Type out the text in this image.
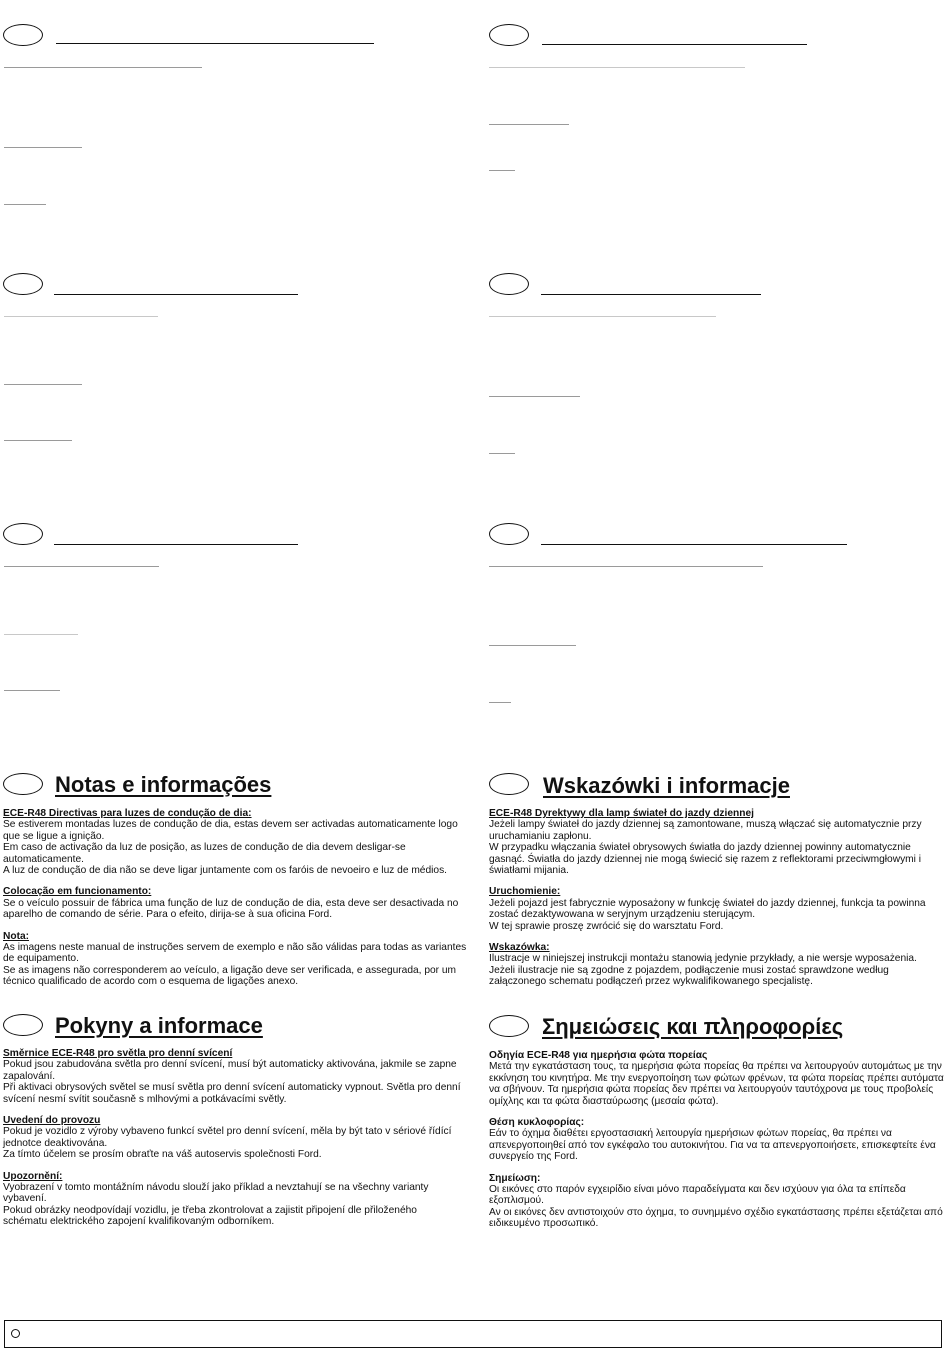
Notas e informações

ECE-R48 Directivas para luzes de condução de dia:

Se estiverem montadas luzes de condução de dia, estas devem ser activadas automaticamente logo que se ligue a ignição.

Em caso de activação da luz de posição, as luzes de condução de dia devem desligar-se automaticamente.

A luz de condução de dia não se deve ligar juntamente com os faróis de nevoeiro e luz de médios.

Colocação em funcionamento:

Se o veículo possuir de fábrica uma função de luz de condução de dia, esta deve ser desactivada no aparelho de comando de série. Para o efeito, dirija-se à sua oficina Ford.

Nota:

As imagens neste manual de instruções servem de exemplo e não são válidas para todas as variantes de equipamento.

Se as imagens não corresponderem ao veículo, a ligação deve ser verificada, e assegurada, por um técnico qualificado de acordo com o esquema de ligações anexo.

Wskazówki i informacje

ECE-R48 Dyrektywy dla lamp świateł do jazdy dziennej

Jeżeli lampy świateł do jazdy dziennej są zamontowane, muszą włączać się automatycznie przy uruchamianiu zapłonu.

W przypadku włączania świateł obrysowych światła do jazdy dziennej powinny automatycznie gasnąć. Światła do jazdy dziennej nie mogą świecić się razem z reflektorami przeciwmgłowymi i światłami mijania.

Uruchomienie:

Jeżeli pojazd jest fabrycznie wyposażony w funkcję świateł do jazdy dziennej, funkcja ta powinna zostać dezaktywowana w seryjnym urządzeniu sterującym.

W tej sprawie proszę zwrócić się do warsztatu Ford.

Wskazówka:

Ilustracje w niniejszej instrukcji montażu stanowią jedynie przykłady, a nie wersje wyposażenia.

Jeżeli ilustracje nie są zgodne z pojazdem, podłączenie musi zostać sprawdzone według załączonego schematu podłączeń przez wykwalifikowanego specjalistę.

Pokyny a informace

Směrnice ECE-R48 pro světla pro denní svícení

Pokud jsou zabudována světla pro denní svícení, musí být automaticky aktivována, jakmile se zapne zapalování.

Při aktivaci obrysových světel se musí světla pro denní svícení automaticky vypnout. Světla pro denní svícení nesmí svítit současně s mlhovými a potkávacími světly.

Uvedení do provozu

Pokud je vozidlo z výroby vybaveno funkcí světel pro denní svícení, měla by být tato v sériové řídící jednotce deaktivována.

Za tímto účelem se prosím obraťte na váš autoservis společnosti Ford.

Upozornění:

Vyobrazení v tomto montážním návodu slouží jako příklad a nevztahují se na všechny varianty vybavení.

Pokud obrázky neodpovídají vozidlu, je třeba zkontrolovat a zajistit připojení dle přiloženého schématu elektrického zapojení kvalifikovaným odborníkem.

Σημειώσεις και πληροφορίες

Οδηγία ECE-R48 για ημερήσια φώτα πορείας

Μετά την εγκατάσταση τους, τα ημερήσια φώτα πορείας θα πρέπει να λειτουργούν αυτομάτως με την εκκίνηση του κινητήρα. Με την ενεργοποίηση των φώτων φρένων, τα φώτα πορείας πρέπει αυτόματα να σβήνουν. Τα ημερήσια φώτα πορείας δεν πρέπει να λειτουργούν ταυτόχρονα με τους προβολείς ομίχλης και τα φώτα διασταύρωσης (μεσαία φώτα).

Θέση κυκλοφορίας:

Εάν το όχημα διαθέτει εργοστασιακή λειτουργία ημερήσιων φώτων πορείας, θα πρέπει να απενεργοποιηθεί από τον εγκέφαλο του αυτοκινήτου. Για να τα απενεργοποιήσετε, επισκεφτείτε ένα συνεργείο της Ford.

Σημείωση:

Οι εικόνες στο παρόν εγχειρίδιο είναι μόνο παραδείγματα και δεν ισχύουν για όλα τα επίπεδα εξοπλισμού.

Αν οι εικόνες δεν αντιστοιχούν στο όχημα, το συνημμένο σχέδιο εγκατάστασης πρέπει εξετάζεται από ειδικευμένο προσωπικό.
